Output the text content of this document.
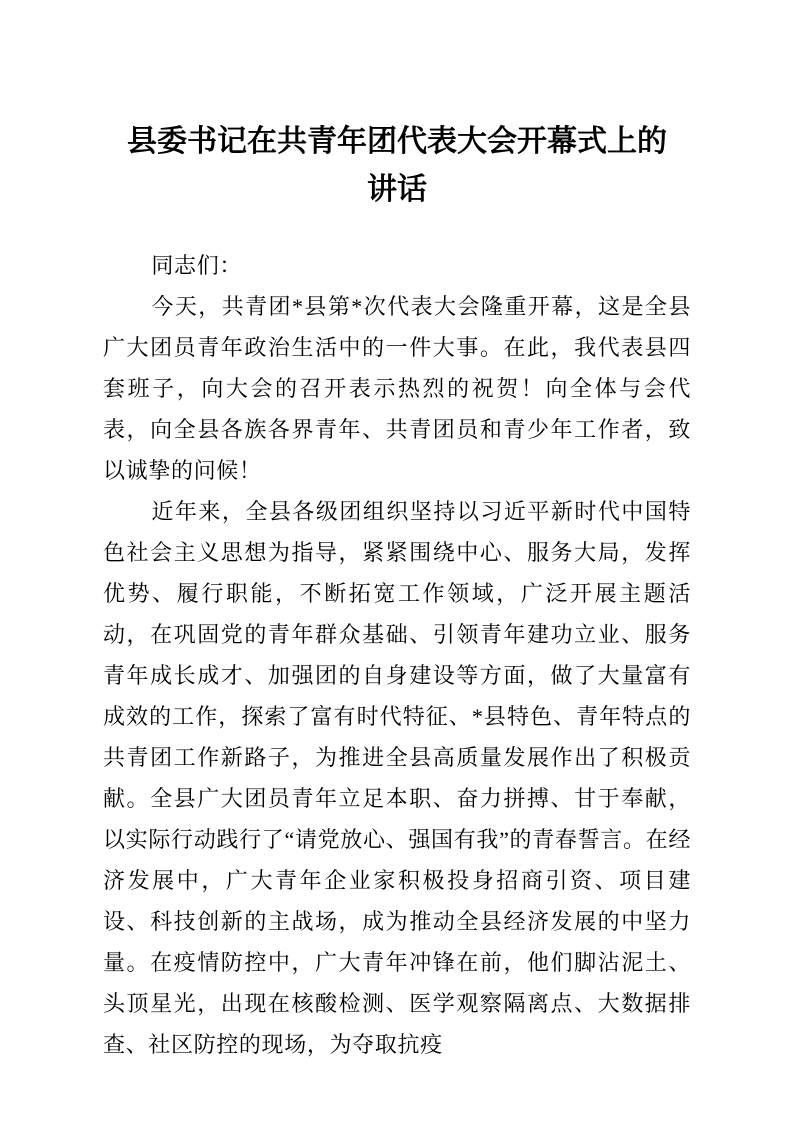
县委书记在共青年团代表大会开幕式上的
讲话

同志们：

今天，共青团*县第*次代表大会隆重开幕，这是全县广大团员青年政治生活中的一件大事。在此，我代表县四套班子，向大会的召开表示热烈的祝贺！向全体与会代表，向全县各族各界青年、共青团员和青少年工作者，致以诚挚的问候！

近年来，全县各级团组织坚持以习近平新时代中国特色社会主义思想为指导，紧紧围绕中心、服务大局，发挥优势、履行职能，不断拓宽工作领域，广泛开展主题活动，在巩固党的青年群众基础、引领青年建功立业、服务青年成长成才、加强团的自身建设等方面，做了大量富有成效的工作，探索了富有时代特征、*县特色、青年特点的共青团工作新路子，为推进全县高质量发展作出了积极贡献。全县广大团员青年立足本职、奋力拼搏、甘于奉献，以实际行动践行了“请党放心、强国有我”的青春誓言。在经济发展中，广大青年企业家积极投身招商引资、项目建设、科技创新的主战场，成为推动全县经济发展的中坚力量。在疫情防控中，广大青年冲锋在前，他们脚沾泥土、头顶星光，出现在核酸检测、医学观察隔离点、大数据排查、社区防控的现场，为夺取抗疫
